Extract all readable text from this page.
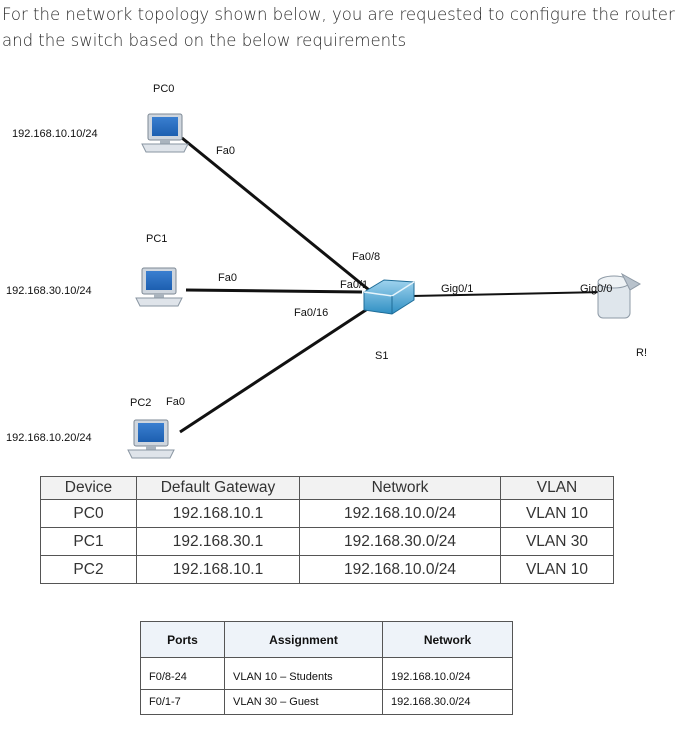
For the network topology shown below, you are requested to configure the router and the switch based on the below requirements
PC0
192.168.10.10/24
Fa0
PC1
192.168.30.10/24
Fa0
PC2 Fa0
192.168.10.20/24
Fa0/8
Fa0/1
Fa0/16
Gig0/1
S1
Gig0/0
R!
Device	Default Gateway	Network	VLAN
PC0	192.168.10.1	192.168.10.0/24	VLAN 10
PC1	192.168.30.1	192.168.30.0/24	VLAN 30
PC2	192.168.10.1	192.168.10.0/24	VLAN 10
Ports	Assignment	Network
F0/8-24	VLAN 10 – Students	192.168.10.0/24
F0/1-7	VLAN 30 – Guest	192.168.30.0/24
